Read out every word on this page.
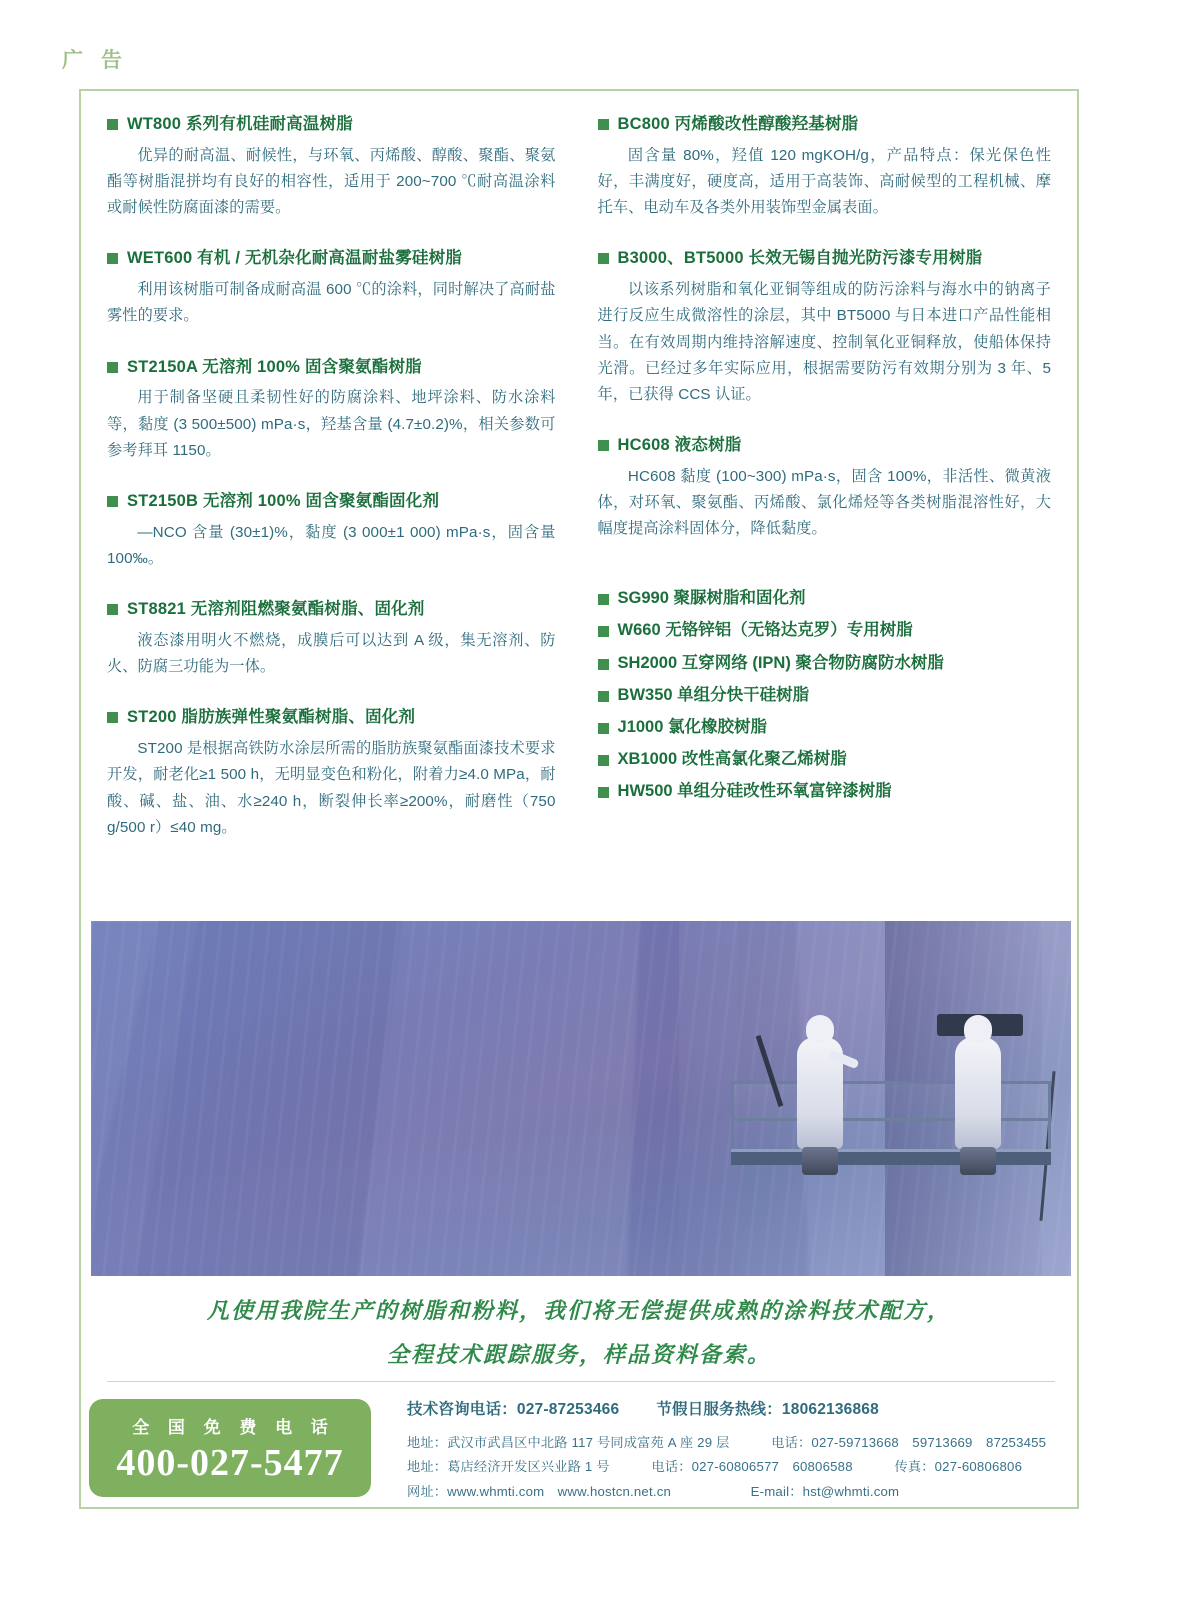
广 告
WT800 系列有机硅耐高温树脂
优异的耐高温、耐候性，与环氧、丙烯酸、醇酸、聚酯、聚氨酯等树脂混拼均有良好的相容性，适用于 200~700 ℃耐高温涂料或耐候性防腐面漆的需要。
WET600 有机 / 无机杂化耐高温耐盐雾硅树脂
利用该树脂可制备成耐高温 600 ℃的涂料，同时解决了高耐盐雾性的要求。
ST2150A 无溶剂 100% 固含聚氨酯树脂
用于制备坚硬且柔韧性好的防腐涂料、地坪涂料、防水涂料等，黏度 (3 500±500) mPa·s，羟基含量 (4.7±0.2)%，相关参数可参考拜耳 1150。
ST2150B 无溶剂 100% 固含聚氨酯固化剂
—NCO 含量 (30±1)%，黏度 (3 000±1 000) mPa·s，固含量 100‰。
ST8821 无溶剂阻燃聚氨酯树脂、固化剂
液态漆用明火不燃烧，成膜后可以达到 A 级，集无溶剂、防火、防腐三功能为一体。
ST200 脂肪族弹性聚氨酯树脂、固化剂
ST200 是根据高铁防水涂层所需的脂肪族聚氨酯面漆技术要求开发，耐老化≥1 500 h，无明显变色和粉化，附着力≥4.0 MPa，耐酸、碱、盐、油、水≥240 h，断裂伸长率≥200%，耐磨性（750 g/500 r）≤40 mg。
BC800 丙烯酸改性醇酸羟基树脂
固含量 80%，羟值 120 mgKOH/g，产品特点：保光保色性好，丰满度好，硬度高，适用于高装饰、高耐候型的工程机械、摩托车、电动车及各类外用装饰型金属表面。
B3000、BT5000 长效无锡自抛光防污漆专用树脂
以该系列树脂和氧化亚铜等组成的防污涂料与海水中的钠离子进行反应生成微溶性的涂层，其中 BT5000 与日本进口产品性能相当。在有效周期内维持溶解速度、控制氧化亚铜释放，使船体保持光滑。已经过多年实际应用，根据需要防污有效期分别为 3 年、5 年，已获得 CCS 认证。
HC608 液态树脂
HC608 黏度 (100~300) mPa·s，固含 100%，非活性、微黄液体，对环氧、聚氨酯、丙烯酸、氯化烯烃等各类树脂混溶性好，大幅度提高涂料固体分，降低黏度。
SG990 聚脲树脂和固化剂
W660 无铬锌铝（无铬达克罗）专用树脂
SH2000 互穿网络 (IPN) 聚合物防腐防水树脂
BW350 单组分快干硅树脂
J1000 氯化橡胶树脂
XB1000 改性高氯化聚乙烯树脂
HW500 单组分硅改性环氧富锌漆树脂
凡使用我院生产的树脂和粉料，我们将无偿提供成熟的涂料技术配方，
全程技术跟踪服务，样品资料备索。
全 国 免 费 电 话
400-027-5477
技术咨询电话：027-87253466 节假日服务热线：18062136868
地址：武汉市武昌区中北路 117 号同成富苑 A 座 29 层	电话：027-59713668　59713669　87253455
地址：葛店经济开发区兴业路 1 号	电话：027-60806577　60806588	传真：027-60806806
网址：www.whmti.com　www.hostcn.net.cn	E-mail：hst@whmti.com
